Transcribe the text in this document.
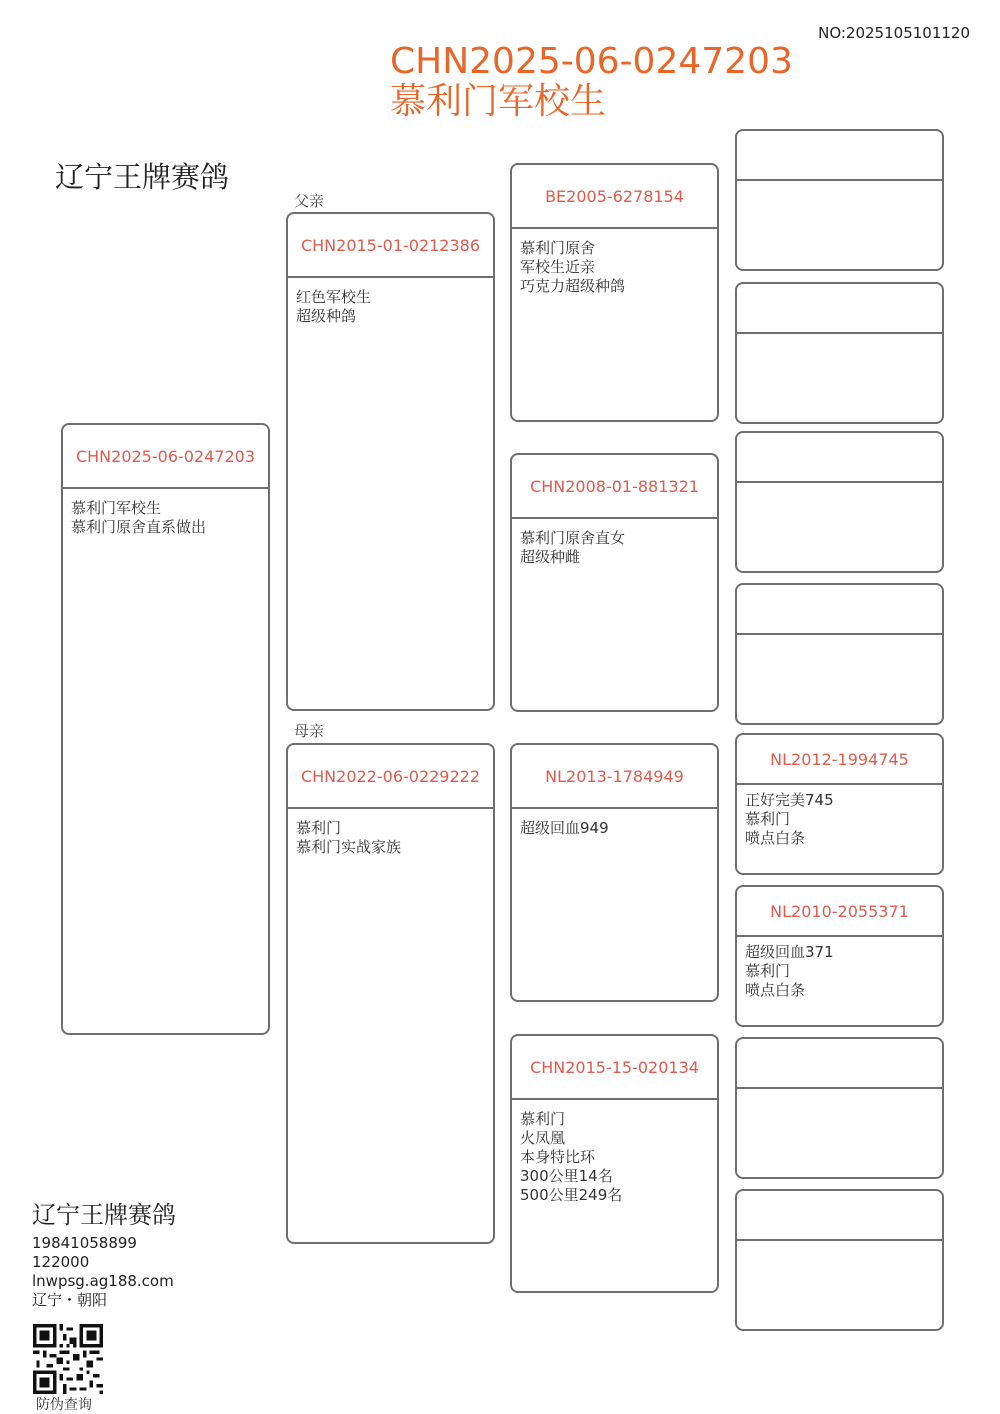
NO:2025105101120
CHN2025-06-0247203
慕利门军校生
辽宁王牌赛鸽
父亲
母亲
CHN2025-06-0247203
慕利门军校生
慕利门原舍直系做出
CHN2015-01-0212386
红色军校生
超级种鸽
CHN2022-06-0229222
慕利门
慕利门实战家族
BE2005-6278154
慕利门原舍
军校生近亲
巧克力超级种鸽
CHN2008-01-881321
慕利门原舍直女
超级种雌
NL2013-1784949
超级回血949
CHN2015-15-020134
慕利门
火凤凰
本身特比环
300公里14名
500公里249名
NL2012-1994745
正好完美745
慕利门
喷点白条
NL2010-2055371
超级回血371
慕利门
喷点白条
辽宁王牌赛鸽
19841058899
122000
lnwpsg.ag188.com
辽宁・朝阳
防伪查询
